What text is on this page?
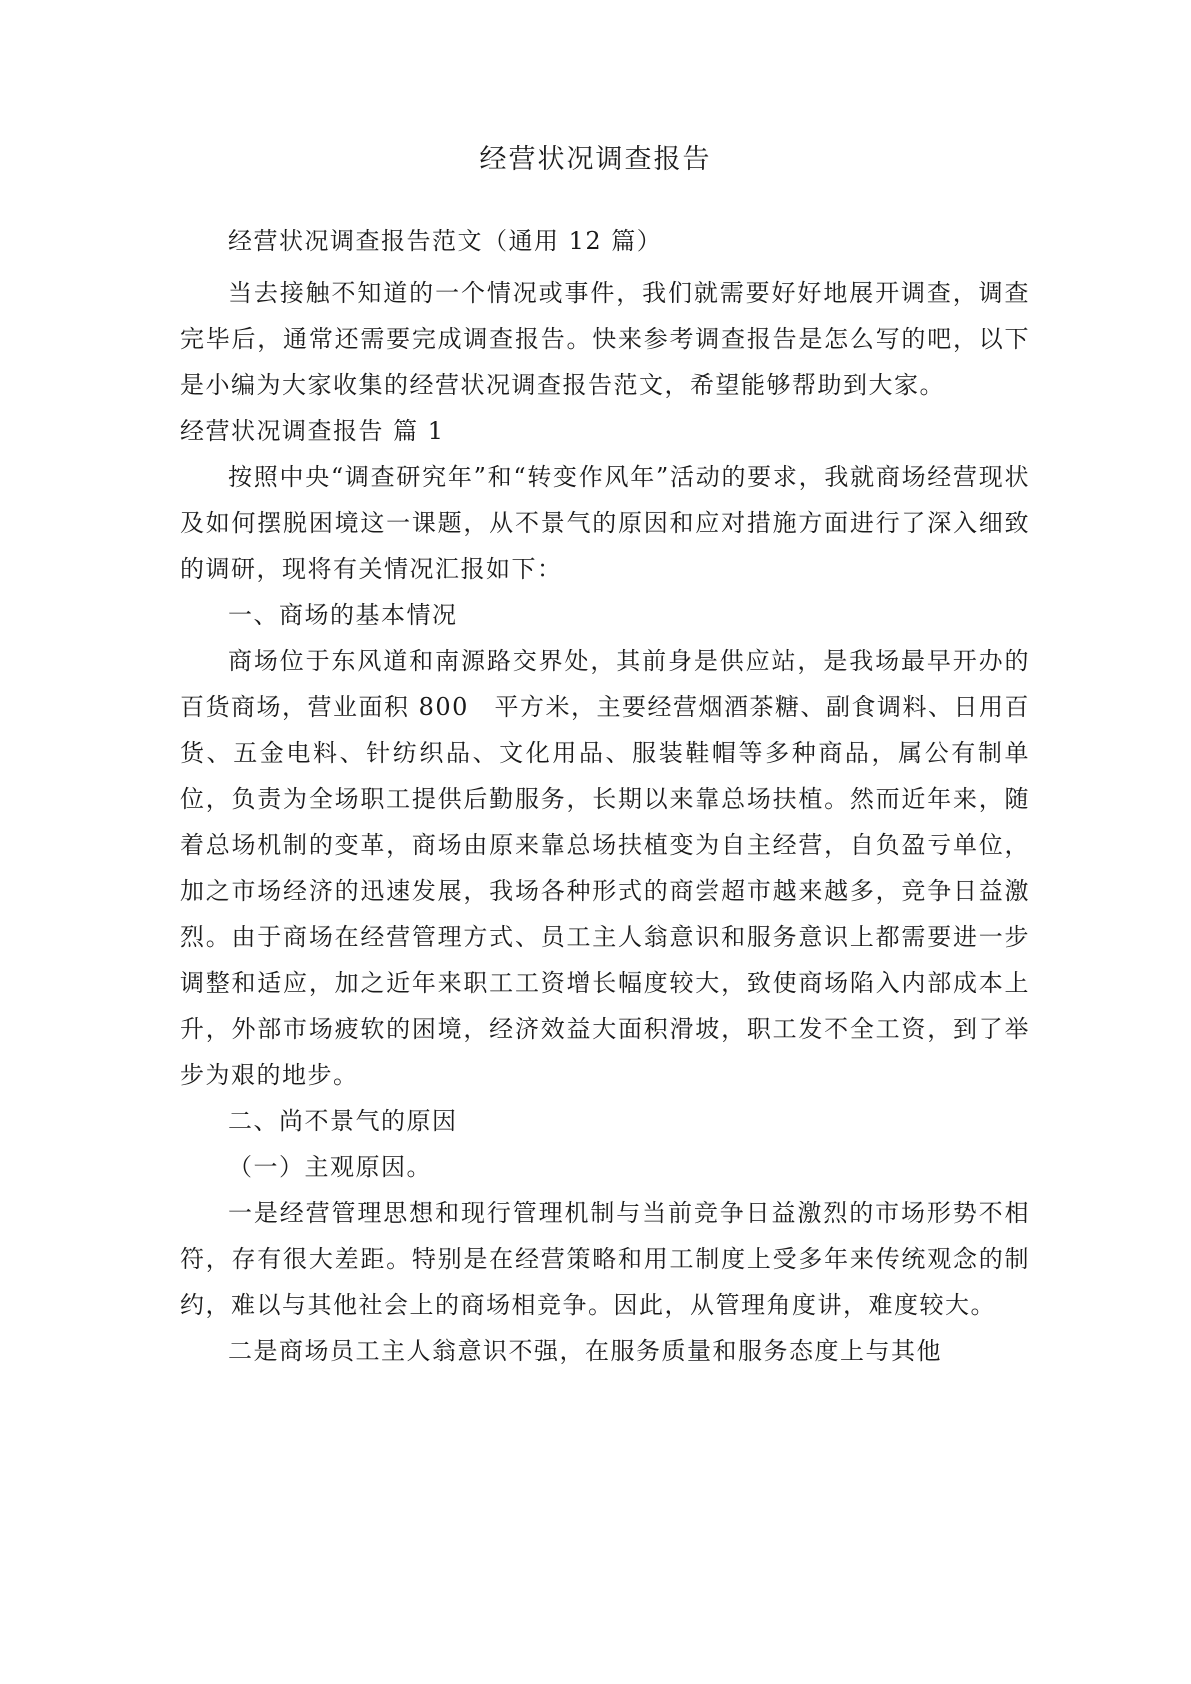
经营状况调查报告

经营状况调查报告范文（通用 12 篇）

当去接触不知道的一个情况或事件，我们就需要好好地展开调查，调查完毕后，通常还需要完成调查报告。快来参考调查报告是怎么写的吧，以下是小编为大家收集的经营状况调查报告范文，希望能够帮助到大家。

经营状况调查报告 篇 1

按照中央“调查研究年”和“转变作风年”活动的要求，我就商场经营现状及如何摆脱困境这一课题，从不景气的原因和应对措施方面进行了深入细致的调研，现将有关情况汇报如下：

一、商场的基本情况

商场位于东风道和南源路交界处，其前身是供应站，是我场最早开办的百货商场，营业面积 800　平方米，主要经营烟酒茶糖、副食调料、日用百货、五金电料、针纺织品、文化用品、服装鞋帽等多种商品，属公有制单位，负责为全场职工提供后勤服务，长期以来靠总场扶植。然而近年来，随着总场机制的变革，商场由原来靠总场扶植变为自主经营，自负盈亏单位，加之市场经济的迅速发展，我场各种形式的商尝超市越来越多，竞争日益激烈。由于商场在经营管理方式、员工主人翁意识和服务意识上都需要进一步调整和适应，加之近年来职工工资增长幅度较大，致使商场陷入内部成本上升，外部市场疲软的困境，经济效益大面积滑坡，职工发不全工资，到了举步为艰的地步。

二、尚不景气的原因

（一）主观原因。

一是经营管理思想和现行管理机制与当前竞争日益激烈的市场形势不相符，存有很大差距。特别是在经营策略和用工制度上受多年来传统观念的制约，难以与其他社会上的商场相竞争。因此，从管理角度讲，难度较大。

二是商场员工主人翁意识不强，在服务质量和服务态度上与其他
